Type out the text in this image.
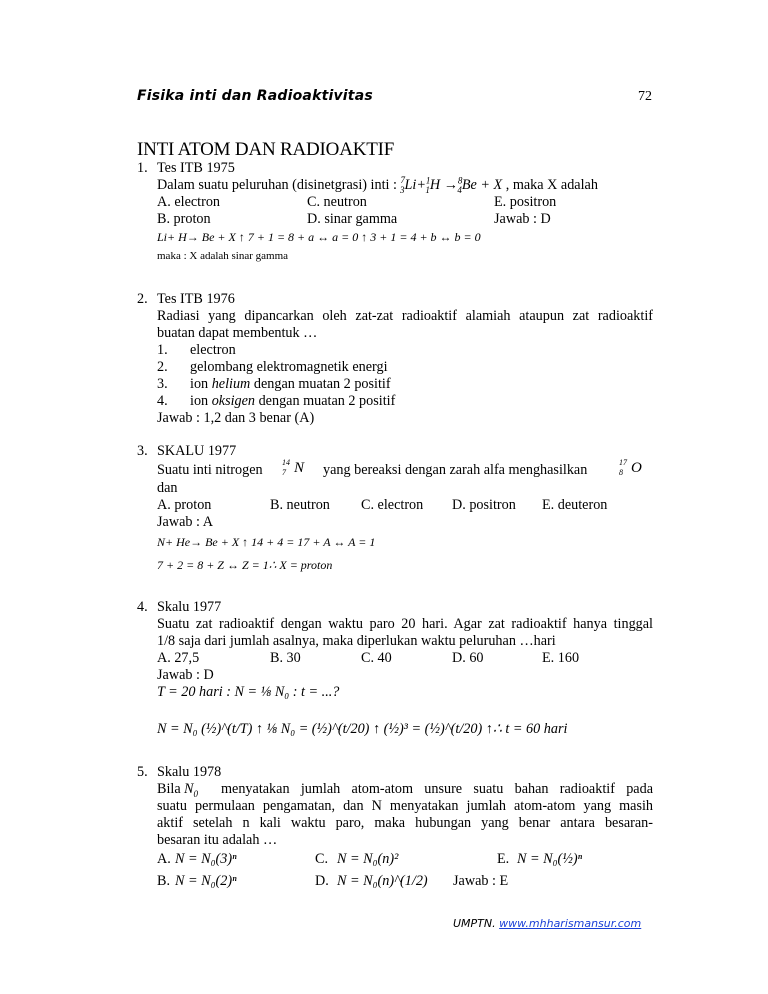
Fisika inti dan Radioaktivitas	72
INTI ATOM DAN RADIOAKTIF
1. Tes ITB 1975
Dalam suatu peluruhan (disinetgrasi) inti : $^7_3$Li+$^1_1$H →$^8_4$Be + X , maka X adalah
A. electron	C. neutron	E. positron
B. proton	D. sinar gamma	Jawab : D
Li+ H→ Be + X ↑ 7 + 1 = 8 + a ↔ a = 0 ↑ 3 + 1 = 4 + b ↔ b = 0
maka : X adalah sinar gamma
2. Tes ITB 1976
Radiasi yang dipancarkan oleh zat-zat radioaktif alamiah ataupun zat radioaktif
buatan dapat membentuk …
1. electron
2. gelombang elektromagnetik energi
3. ion helium dengan muatan 2 positif
4. ion oksigen dengan muatan 2 positif
Jawab : 1,2 dan 3 benar (A)
3. SKALU 1977
Suatu inti nitrogen $^{14}_7$ N yang bereaksi dengan zarah alfa menghasilkan	$^{17}_8$ O
dan
A. proton	B. neutron C. electron D. positron E. deuteron
Jawab : A
N+ He→ Be + X ↑ 14 + 4 = 17 + A ↔ A = 1
7 + 2 = 8 + Z ↔ Z = 1∴ X = proton
4. Skalu 1977
Suatu zat radioaktif dengan waktu paro 20 hari. Agar zat radioaktif hanya tinggal
1/8 saja dari jumlah asalnya, maka diperlukan waktu peluruhan …hari
A. 27,5	B. 30	C. 40	D. 60	E. 160
Jawab : D
T = 20 hari : N = ⅛ N₀ : t = ...?
N = N₀ (½)^(t/T) ↑ ⅛ N₀ = (½)^(t/20) ↑ (½)³ = (½)^(t/20) ↑∴ t = 60 hari
5. Skalu 1978
Bila $N_0$ menyatakan jumlah atom-atom unsure suatu bahan radioaktif pada
suatu permulaan pengamatan, dan N menyatakan jumlah atom-atom yang masih
aktif setelah n kali waktu paro, maka hubungan yang benar antara besaran-
besaran itu adalah …
A. N = N₀(3)ⁿ	C. N = N₀(n)²	E. N = N₀(½)ⁿ
B. N = N₀(2)ⁿ	D. N = N₀(n)^(1/2) Jawab : E
UMPTN. www.mhharismansur.com
